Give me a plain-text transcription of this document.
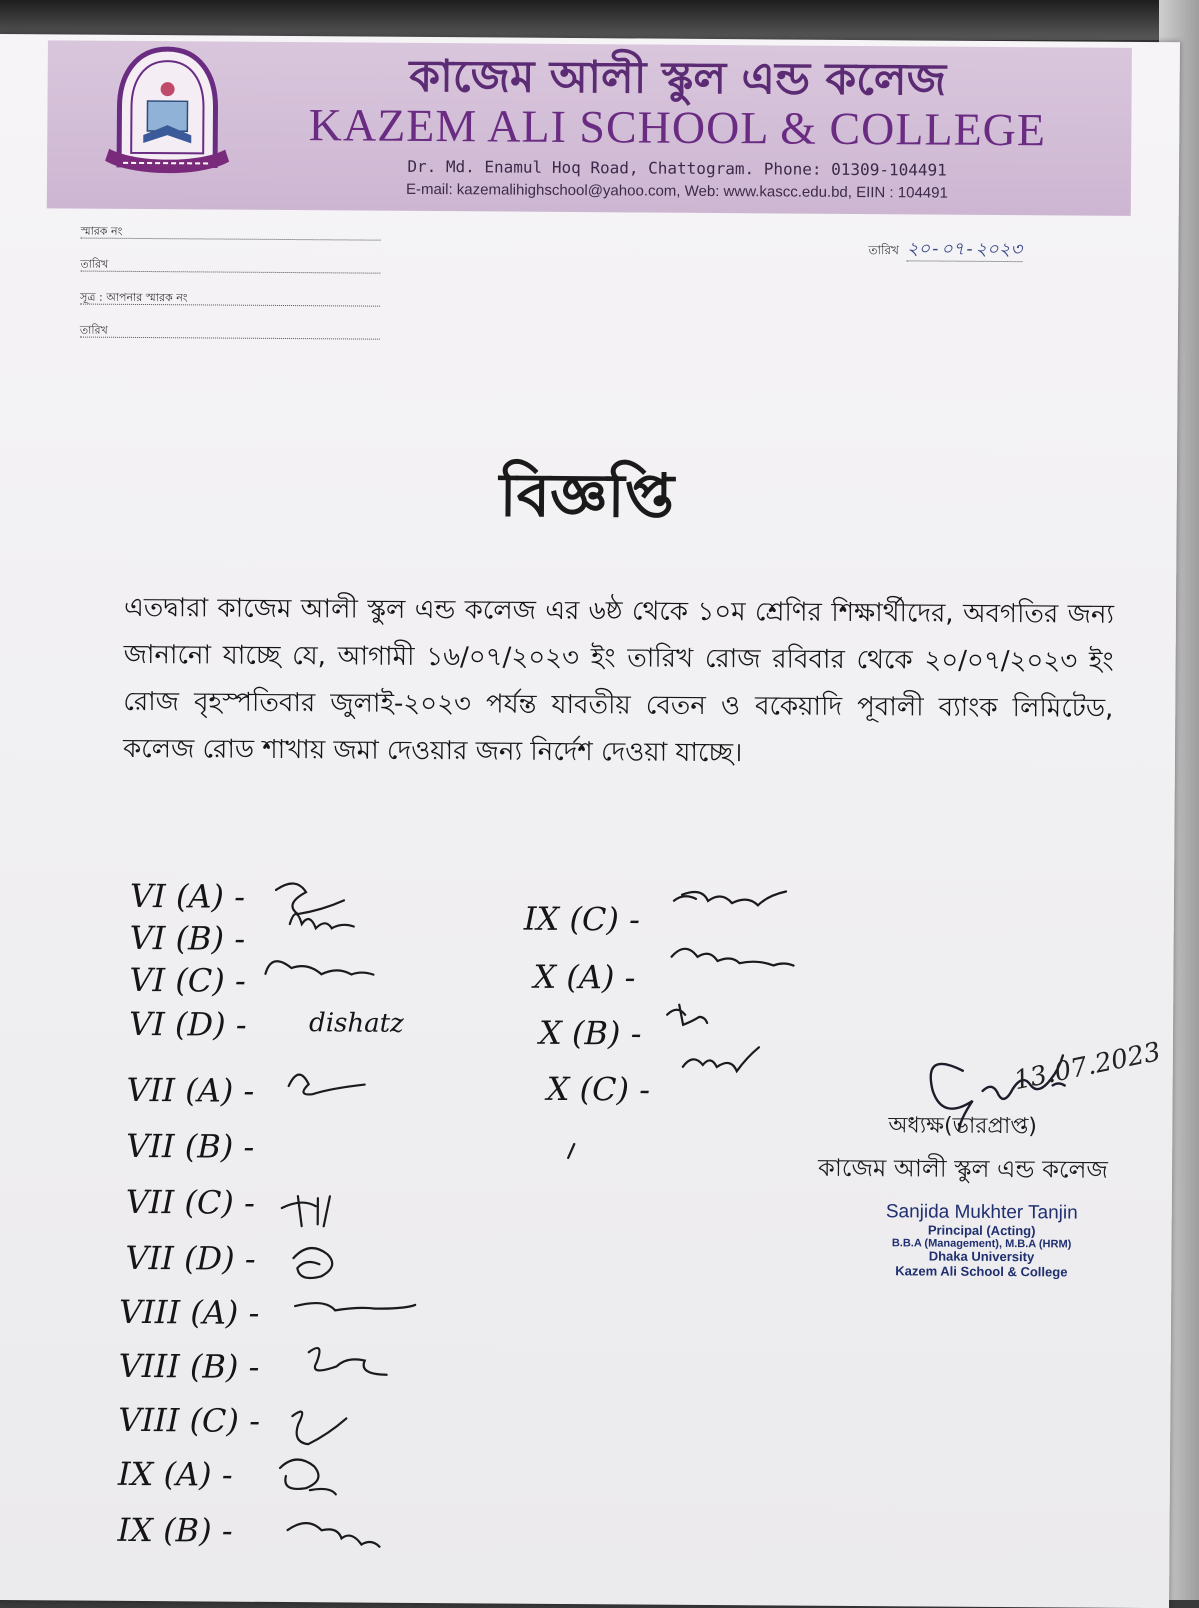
কাজেম আলী স্কুল এন্ড কলেজ
KAZEM ALI SCHOOL & COLLEGE
Dr. Md. Enamul Hoq Road, Chattogram. Phone: 01309-104491
E-mail: kazemalihighschool@yahoo.com, Web: www.kascc.edu.bd, EIIN : 104491
স্মারক নং
তারিখ
সূত্র : আপনার স্মারক নং
তারিখ
তারিখ ২০-০৭-২০২৩
বিজ্ঞপ্তি
এতদ্বারা কাজেম আলী স্কুল এন্ড কলেজ এর ৬ষ্ঠ থেকে ১০ম শ্রেণির শিক্ষার্থীদের, অবগতির জন্য জানানো যাচ্ছে যে, আগামী ১৬/০৭/২০২৩ ইং তারিখ রোজ রবিবার থেকে ২০/০৭/২০২৩ ইং রোজ বৃহস্পতিবার জুলাই-২০২৩ পর্যন্ত যাবতীয় বেতন ও বকেয়াদি পূবালী ব্যাংক লিমিটেড, কলেজ রোড শাখায় জমা দেওয়ার জন্য নির্দেশ দেওয়া যাচ্ছে।
VI (A) -
VI (B) -
VI (C) -
VI (D) -
VII (A) -
VII (B) -
VII (C) -
VII (D) -
VIII (A) -
VIII (B) -
VIII (C) -
IX (A) -
IX (B) -
dishatz
IX (C) -
X (A) -
X (B) -
X (C) -	13.07.2023
অধ্যক্ষ(ভারপ্রাপ্ত)
কাজেম আলী স্কুল এন্ড কলেজ
Sanjida Mukhter Tanjin
Principal (Acting)
B.B.A (Management), M.B.A (HRM)
Dhaka University
Kazem Ali School & College
